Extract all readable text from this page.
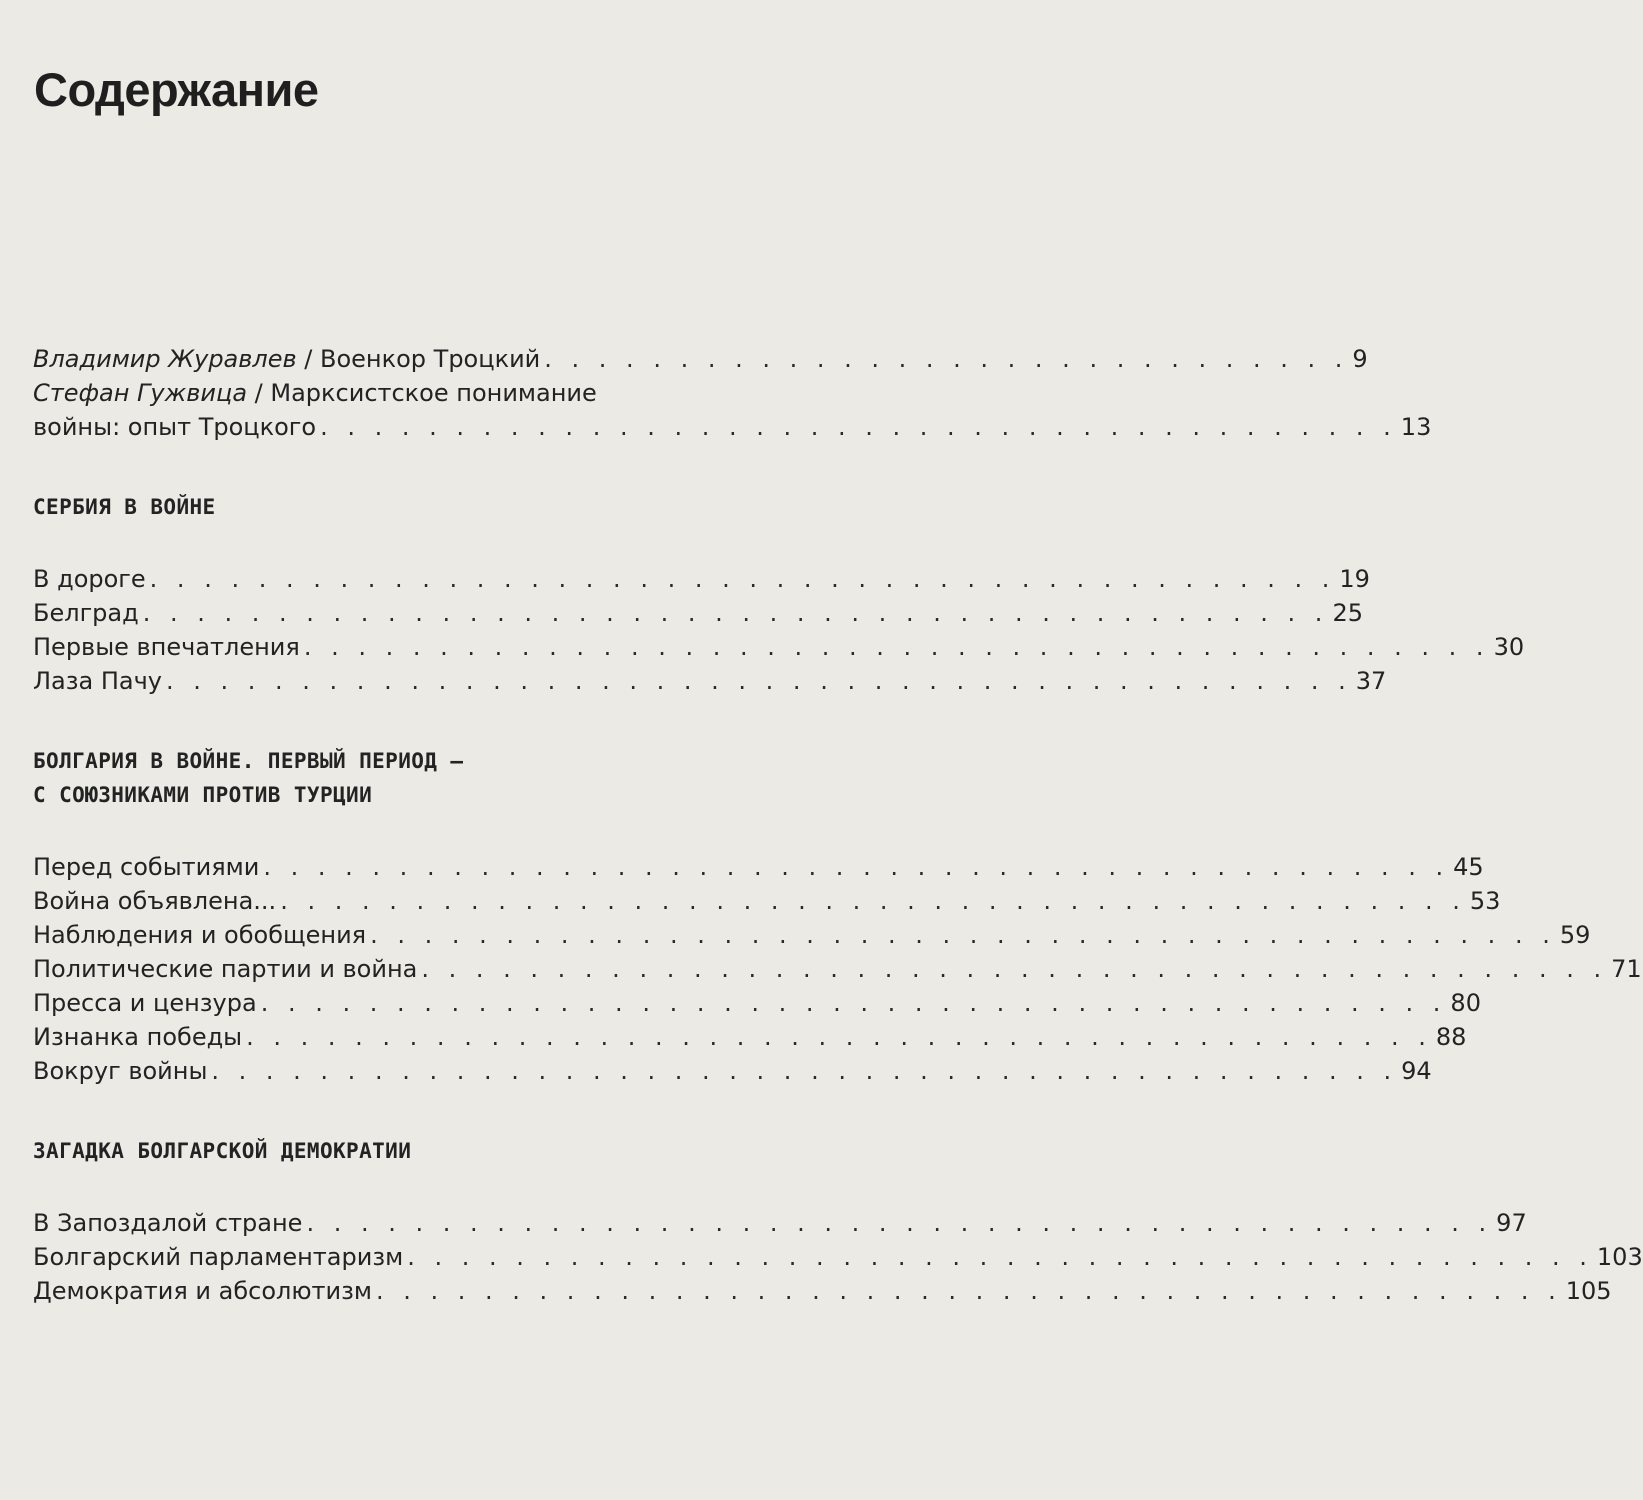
Содержание
Владимир Журавлев / Военкор Троцкий . . . . . . . . . . . . . . . . . . . . . . . . . . . . . . 9
Стефан Гужвица / Марксистское понимание
войны: опыт Троцкого . . . . . . . . . . . . . . . . . . . . . . . . . . . . . . . . . . . . . . . . 13
СЕРБИЯ В ВОЙНЕ
В дороге . . . . . . . . . . . . . . . . . . . . . . . . . . . . . . . . . . . . . . . . . . . . 19
Белград . . . . . . . . . . . . . . . . . . . . . . . . . . . . . . . . . . . . . . . . . . . . 25
Первые впечатления . . . . . . . . . . . . . . . . . . . . . . . . . . . . . . . . . . . . . . . . . . . . 30
Лаза Пачу . . . . . . . . . . . . . . . . . . . . . . . . . . . . . . . . . . . . . . . . . . . . 37
БОЛГАРИЯ В ВОЙНЕ. ПЕРВЫЙ ПЕРИОД —
С СОЮЗНИКАМИ ПРОТИВ ТУРЦИИ
Перед событиями . . . . . . . . . . . . . . . . . . . . . . . . . . . . . . . . . . . . . . . . . . . . 45
Война объявлена... . . . . . . . . . . . . . . . . . . . . . . . . . . . . . . . . . . . . . . . . . . . . 53
Наблюдения и обобщения . . . . . . . . . . . . . . . . . . . . . . . . . . . . . . . . . . . . . . . . . . . . 59
Политические партии и война . . . . . . . . . . . . . . . . . . . . . . . . . . . . . . . . . . . . . . . . . . . . 71
Пресса и цензура . . . . . . . . . . . . . . . . . . . . . . . . . . . . . . . . . . . . . . . . . . . . 80
Изнанка победы . . . . . . . . . . . . . . . . . . . . . . . . . . . . . . . . . . . . . . . . . . . . 88
Вокруг войны . . . . . . . . . . . . . . . . . . . . . . . . . . . . . . . . . . . . . . . . . . . . 94
ЗАГАДКА БОЛГАРСКОЙ ДЕМОКРАТИИ
В Запоздалой стране . . . . . . . . . . . . . . . . . . . . . . . . . . . . . . . . . . . . . . . . . . . . 97
Болгарский парламентаризм . . . . . . . . . . . . . . . . . . . . . . . . . . . . . . . . . . . . . . . . . . . . 103
Демократия и абсолютизм . . . . . . . . . . . . . . . . . . . . . . . . . . . . . . . . . . . . . . . . . . . . 105
